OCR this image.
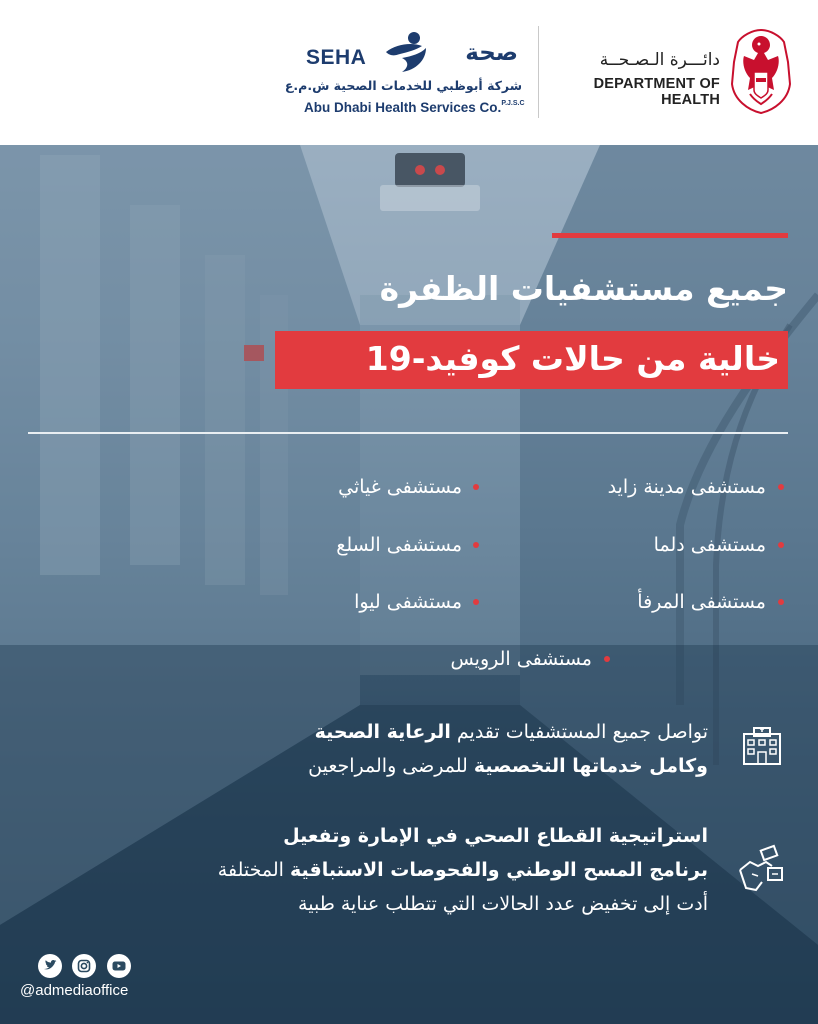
دائـــرة الـصـحــة
DEPARTMENT OF HEALTH
صحة
SEHA
شركة أبوظبي للخدمات الصحية ش.م.ع
Abu Dhabi Health Services Co.$^{P.J.S.C}$
جميع مستشفيات الظفرة
خالية من حالات كوفيد-19
مستشفى مدينة زايد
مستشفى دلما
مستشفى المرفأ
مستشفى غياثي
مستشفى السلع
مستشفى ليوا
مستشفى الرويس
تواصل جميع المستشفيات تقديم الرعاية الصحية
وكامل خدماتها التخصصية للمرضى والمراجعين
استراتيجية القطاع الصحي في الإمارة وتفعيل
برنامج المسح الوطني والفحوصات الاستباقية المختلفة
أدت إلى تخفيض عدد الحالات التي تتطلب عناية طبية
@admediaoffice
